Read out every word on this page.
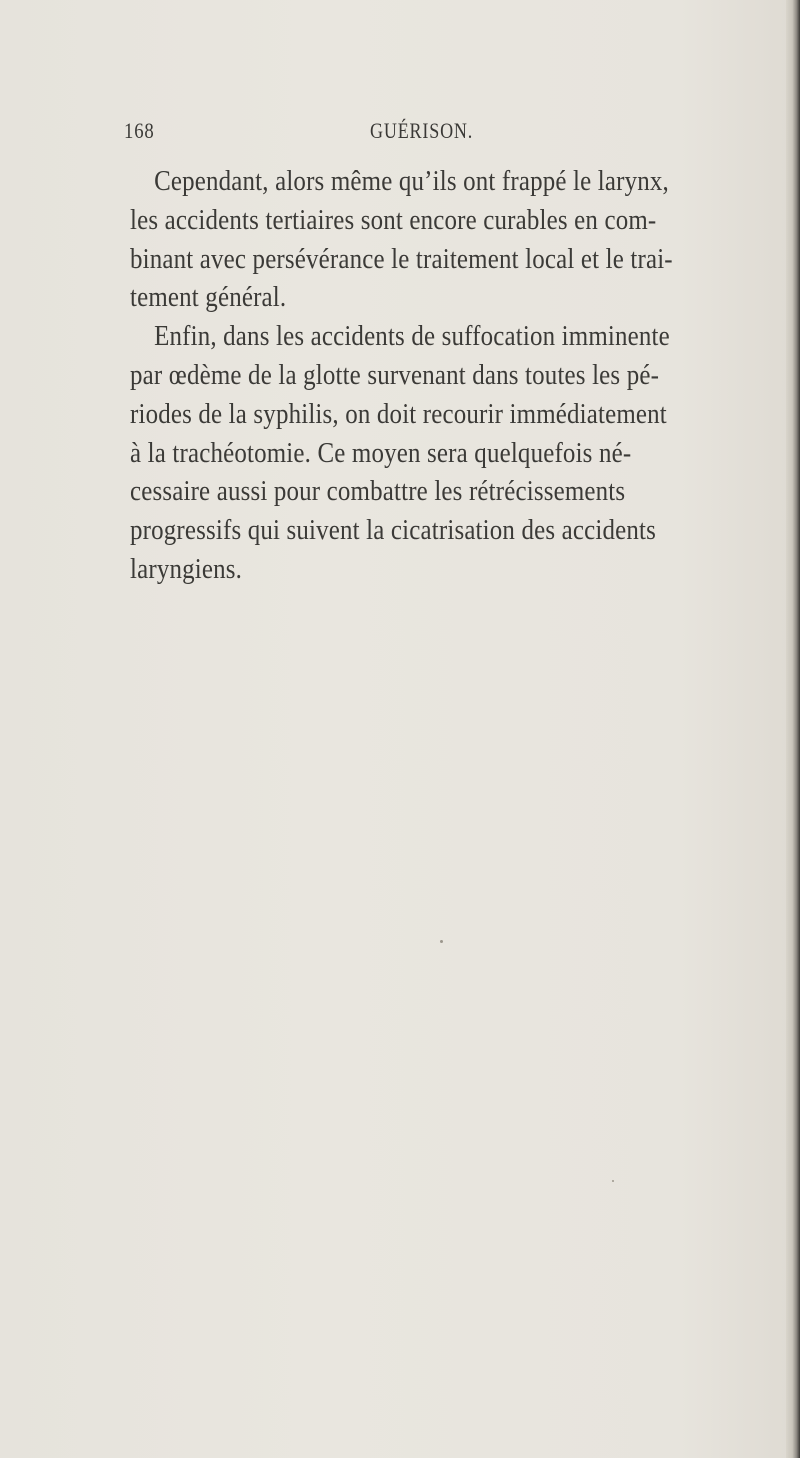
168	GUÉRISON.
Cependant, alors même qu’ils ont frappé le larynx,
les accidents tertiaires sont encore curables en com-
binant avec persévérance le traitement local et le trai-
tement général.
Enfin, dans les accidents de suffocation imminente
par œdème de la glotte survenant dans toutes les pé-
riodes de la syphilis, on doit recourir immédiatement
à la trachéotomie. Ce moyen sera quelquefois né-
cessaire aussi pour combattre les rétrécissements
progressifs qui suivent la cicatrisation des accidents
laryngiens.
